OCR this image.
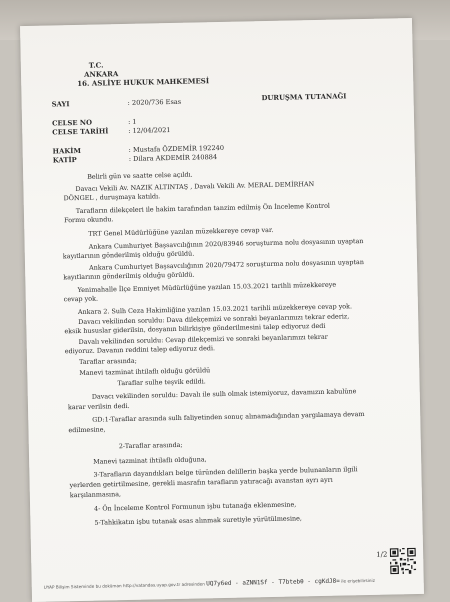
T.C.
ANKARA
16. ASLİYE HUKUK MAHKEMESİ
SAYI	: 2020/736 Esas
DURUŞMA TUTANAĞI
CELSE NO	: 1
CELSE TARİHİ	: 12/04/2021
HAKİM	: Mustafa ÖZDEMİR 192240
KATİP	: Dilara AKDEMİR 240884
Belirli gün ve saatte celse açıldı.
Davacı Vekili Av. NAZIK ALTINTAŞ , Davalı Vekili Av. MERAL DEMİRHAN
DÖNGEL , duruşmaya katıldı.
Tarafların dilekçeleri ile hakim tarafından tanzim edilmiş Ön İnceleme Kontrol
Formu okundu.
TRT Genel Müdürlüğüne yazılan müzekkereye cevap var.
Ankara Cumhuriyet Başsavcılığının 2020/83946 soruşturma nolu dosyasının uyaptan
kayıtlarının gönderilmiş olduğu görüldü.
Ankara Cumhuriyet Başsavcılığının 2020/79472 soruşturma nolu dosyasının uyaptan
kayıtlarının gönderilmiş olduğu görüldü.
Yenimahalle İlçe Emniyet Müdürlüğüne yazılan 15.03.2021 tarihli müzekkereye
cevap yok.
Ankara 2. Sulh Ceza Hakimliğine yazılan 15.03.2021 tarihli müzekkereye cevap yok.
Davacı vekilinden soruldu: Dava dilekçemizi ve sonraki beyanlarımızı tekrar ederiz,
eksik hususlar giderilsin, dosyanın bilirkişiye gönderilmesini talep ediyoruz dedi
Davalı vekilinden soruldu: Cevap dilekçemizi ve sonraki beyanlarımızı tekrar
ediyoruz. Davanın reddini talep ediyoruz dedi.
Taraflar arasında;
Manevi tazminat ihtilaflı olduğu görüldü
Taraflar sulhe teşvik edildi.
Davacı vekilinden soruldu: Davalı ile sulh olmak istemiyoruz, davamızın kabulüne
karar verilsin dedi.
GD:1-Taraflar arasında sulh faliyetinden sonuç alınamadığından yargılamaya devam
edilmesine,
2-Taraflar arasında;
Manevi tazminat ihtilaflı olduğuna,
3-Tarafların dayandıkları belge türünden delillerin başka yerde bulunanların ilgili
yerlerden getirtilmesine, gerekli masrafın tarafların yatıracağı avanstan ayrı ayrı
karşılanmasına,
4- Ön İnceleme Kontrol Formunun işbu tutanağa eklenmesine,
5-Tahkikatın işbu tutanak esas alınmak suretiyle yürütülmesine,
1/2
UYAP Bilişim Sisteminde bu doküman http://vatandas.uyap.gov.tr adresinden UQ7y6ed - aZNN1Sf - T7btebθ - cgKdJ8= ile erişebilirsiniz
